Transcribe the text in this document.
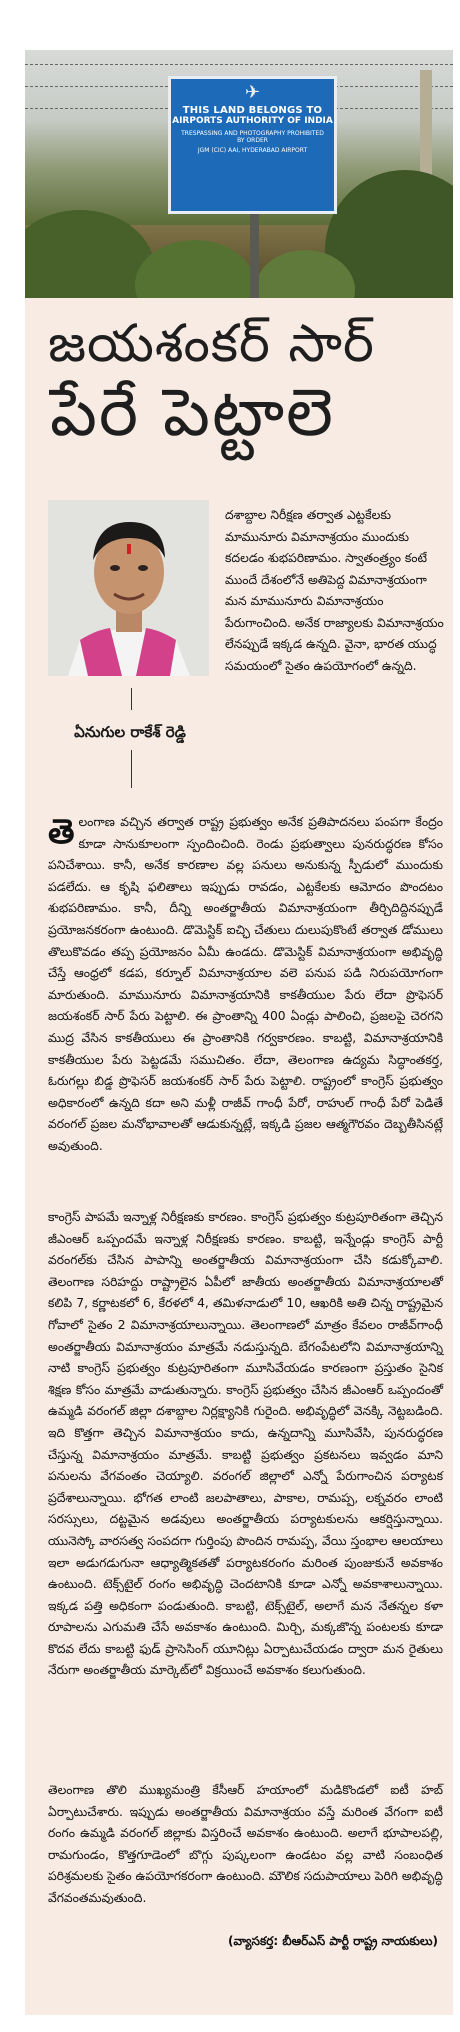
✈
THIS LAND BELONGS TO
AIRPORTS AUTHORITY OF INDIA
TRESPASSING AND PHOTOGRAPHY PROHIBITED BY ORDER
JGM (CIC) AAI, HYDERABAD AIRPORT
జయశంకర్ సార్
పేరే పెట్టాలె
ఏనుగుల రాకేశ్ రెడ్డి
దశాబ్దాల నిరీక్షణ తర్వాత ఎట్టకేలకు మామునూరు విమానాశ్రయం ముందుకు కదలడం శుభపరిణామం. స్వాతంత్ర్యం కంటే ముందే దేశంలోనే అతిపెద్ద విమానాశ్రయంగా మన మామునూరు విమానాశ్రయం పేరుగాంచింది. అనేక రాజ్యాలకు విమానాశ్రయం లేనప్పుడే ఇక్కడ ఉన్నది. వైనా, భారత యుద్ధ సమయంలో సైతం ఉపయోగంలో ఉన్నది.
తెలంగాణ వచ్చిన తర్వాత రాష్ట్ర ప్రభుత్వం అనేక ప్రతిపాదనలు పంపగా కేంద్రం కూడా సానుకూలంగా స్పందించింది. రెండు ప్రభుత్వాలు పునరుద్ధరణ కోసం పనిచేశాయి. కానీ, అనేక కారణాల వల్ల పనులు అనుకున్న స్పీడులో ముందుకు పడలేదు. ఆ కృషి ఫలితాలు ఇప్పుడు రావడం, ఎట్టకేలకు ఆమోదం పొందటం శుభపరిణామం. కానీ, దీన్ని అంతర్జాతీయ విమానాశ్రయంగా తీర్చిదిద్దినప్పుడే ప్రయోజనకరంగా ఉంటుంది. డొమెస్టిక్ ఐచ్ఛి చేతులు దులుపుకొంటే తర్వాత డోములు తొలుకొవడం తప్ప ప్రయోజనం ఏమీ ఉండదు. డొమెస్టిక్ విమానాశ్రయంగా అభివృద్ధి చేస్తే ఆంధ్రలో కడప, కర్నూల్ విమానాశ్రయాల వలె పనుప పడి నిరుపయోగంగా మారుతుంది. మామునూరు విమానాశ్రయానికి కాకతీయుల పేరు లేదా ప్రొఫెసర్ జయశంకర్ సార్ పేరు పెట్టాలి. ఈ ప్రాంతాన్ని 400 ఏండ్లు పాలించి, ప్రజలపై చెరగని ముద్ర వేసిన కాకతీయులు ఈ ప్రాంతానికి గర్వకారణం. కాబట్టి, విమానాశ్రయానికి కాకతీయుల పేరు పెట్టడమే సముచితం. లేదా, తెలంగాణ ఉద్యమ సిద్ధాంతకర్త, ఓరుగల్లు బిడ్డ ప్రొఫెసర్ జయశంకర్ సార్ పేరు పెట్టాలి. రాష్ట్రంలో కాంగ్రెస్ ప్రభుత్వం అధికారంలో ఉన్నది కదా అని మళ్లీ రాజీవ్ గాంధీ పేరో, రాహుల్ గాంధీ పేరో పెడితే వరంగల్ ప్రజల మనోభావాలతో ఆడుకున్నట్లే, ఇక్కడి ప్రజల ఆత్మగౌరవం దెబ్బతీసినట్లే అవుతుంది.
కాంగ్రెస్ పాపమే ఇన్నాళ్ల నిరీక్షణకు కారణం. కాంగ్రెస్ ప్రభుత్వం కుట్రపూరితంగా తెచ్చిన జీఎంఆర్ ఒప్పందమే ఇన్నాళ్ల నిరీక్షణకు కారణం. కాబట్టి, ఇన్నేండ్లు కాంగ్రెస్ పార్టీ వరంగల్‌కు చేసిన పాపాన్ని అంతర్జాతీయ విమానాశ్రయంగా చేసి కడుక్కోవాలి. తెలంగాణ సరిహద్దు రాష్ట్రాలైన ఏపీలో జాతీయ అంతర్జాతీయ విమానాశ్రయాలతో కలిపి 7, కర్ణాటకలో 6, కేరళలో 4, తమిళనాడులో 10, ఆఖరికి అతి చిన్న రాష్ట్రమైన గోవాలో సైతం 2 విమానాశ్రయాలున్నాయి. తెలంగాణలో మాత్రం కేవలం రాజీవ్‌గాంధీ అంతర్జాతీయ విమానాశ్రయం మాత్రమే నడుస్తున్నది. బేగంపేటలోని విమానాశ్రయాన్ని నాటి కాంగ్రెస్ ప్రభుత్వం కుట్రపూరితంగా మూసివేయడం కారణంగా ప్రస్తుతం సైనిక శిక్షణ కోసం మాత్రమే వాడుతున్నారు. కాంగ్రెస్ ప్రభుత్వం చేసిన జీఎంఆర్ ఒప్పందంతో ఉమ్మడి వరంగల్ జిల్లా దశాబ్దాల నిర్లక్ష్యానికి గురైంది. అభివృద్ధిలో వెనక్కి నెట్టబడింది. ఇది కొత్తగా తెచ్చిన విమానాశ్రయం కాదు, ఉన్నదాన్ని మూసివేసి, పునరుద్ధరణ చేస్తున్న విమానాశ్రయం మాత్రమే. కాబట్టి ప్రభుత్వం ప్రకటనలు ఇవ్వడం మాని పనులను వేగవంతం చెయ్యాలి. వరంగల్ జిల్లాలో ఎన్నో పేరుగాంచిన పర్యాటక ప్రదేశాలున్నాయి. భోగత లాంటి జలపాతాలు, పాకాల, రామప్ప, లక్నవరం లాంటి సరస్సులు, దట్టమైన అడవులు అంతర్జాతీయ పర్యాటకులను ఆకర్షిస్తున్నాయి. యునెస్కో వారసత్వ సంపదగా గుర్తింపు పొందిన రామప్ప, వేయి స్తంభాల ఆలయాలు ఇలా అడుగడుగునా ఆధ్యాత్మికతతో పర్యాటకరంగం మరింత పుంజుకునే అవకాశం ఉంటుంది. టెక్స్‌టైల్ రంగం అభివృద్ధి చెందటానికి కూడా ఎన్నో అవకాశాలున్నాయి. ఇక్కడ పత్తి అధికంగా పండుతుంది. కాబట్టి, టెక్స్‌టైల్, అలాగే మన నేతన్నల కళా రూపాలను ఎగుమతి చేసే అవకాశం ఉంటుంది. మిర్చి, మక్కజొన్న పంటలకు కూడా కొదవ లేదు కాబట్టి ఫుడ్ ప్రాసెసింగ్ యూనిట్లు ఏర్పాటుచేయడం ద్వారా మన రైతులు నేరుగా అంతర్జాతీయ మార్కెట్‌లో విక్రయించే అవకాశం కలుగుతుంది.
తెలంగాణ తొలి ముఖ్యమంత్రి కేసీఆర్ హయాంలో మడికొండలో ఐటీ హబ్ ఏర్పాటుచేశారు. ఇప్పుడు అంతర్జాతీయ విమానాశ్రయం వస్తే మరింత వేగంగా ఐటీ రంగం ఉమ్మడి వరంగల్ జిల్లాకు విస్తరించే అవకాశం ఉంటుంది. అలాగే భూపాలపల్లి, రామగుండం, కొత్తగూడెంలో బొగ్గు పుష్కలంగా ఉండటం వల్ల వాటి సంబంధిత పరిశ్రమలకు సైతం ఉపయోగకరంగా ఉంటుంది. మౌలిక సదుపాయాలు పెరిగి అభివృద్ధి వేగవంతమవుతుంది.
(వ్యాసకర్త: బీఆర్ఎస్ పార్టీ రాష్ట్ర నాయకులు)
